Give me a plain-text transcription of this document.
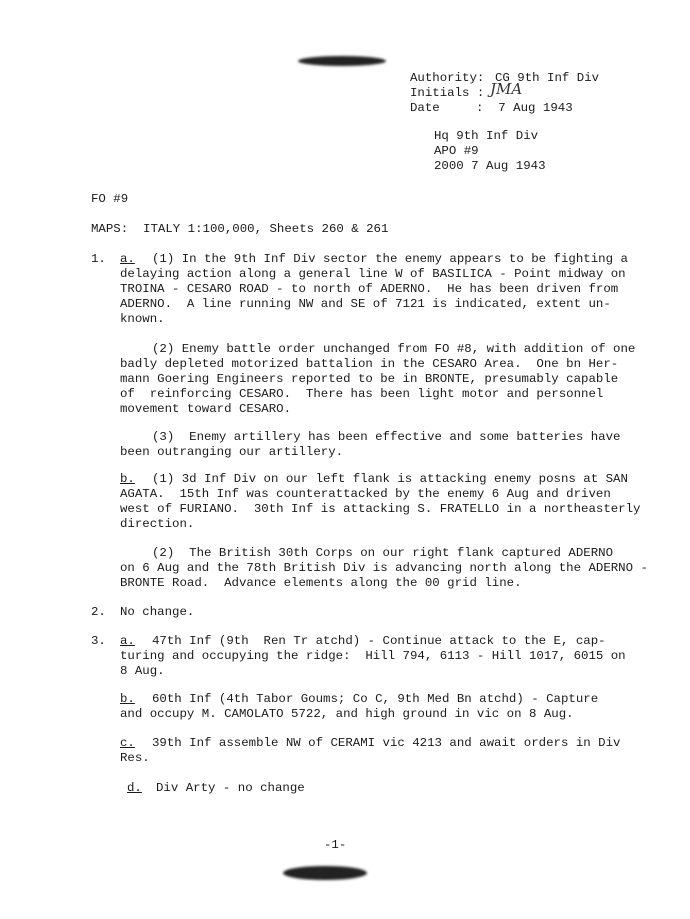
Authority: CG 9th Inf Div
Initials : JMA
Date	:  7 Aug 1943
Hq 9th Inf Div
APO #9
2000 7 Aug 1943
FO #9
MAPS:  ITALY 1:100,000, Sheets 260 & 261
1. a. (1) In the 9th Inf Div sector the enemy appears to be fighting a
delaying action along a general line W of BASILICA - Point midway on
TROINA - CESARO ROAD - to north of ADERNO.  He has been driven from
ADERNO.  A line running NW and SE of 7121 is indicated, extent un-
known.
(2) Enemy battle order unchanged from FO #8, with addition of one
badly depleted motorized battalion in the CESARO Area.  One bn Her-
mann Goering Engineers reported to be in BRONTE, presumably capable
of  reinforcing CESARO.  There has been light motor and personnel
movement toward CESARO.
(3)  Enemy artillery has been effective and some batteries have
been outranging our artillery.
b. (1) 3d Inf Div on our left flank is attacking enemy posns at SAN
AGATA.  15th Inf was counterattacked by the enemy 6 Aug and driven
west of FURIANO.  30th Inf is attacking S. FRATELLO in a northeasterly
direction.
(2)  The British 30th Corps on our right flank captured ADERNO
on 6 Aug and the 78th British Div is advancing north along the ADERNO -
BRONTE Road.  Advance elements along the 00 grid line.
2. No change.
3. a. 47th Inf (9th  Ren Tr atchd) - Continue attack to the E, cap-
turing and occupying the ridge:  Hill 794, 6113 - Hill 1017, 6015 on
8 Aug.
b. 60th Inf (4th Tabor Goums; Co C, 9th Med Bn atchd) - Capture
and occupy M. CAMOLATO 5722, and high ground in vic on 8 Aug.
c. 39th Inf assemble NW of CERAMI vic 4213 and await orders in Div
Res.
d. Div Arty - no change
-1-
